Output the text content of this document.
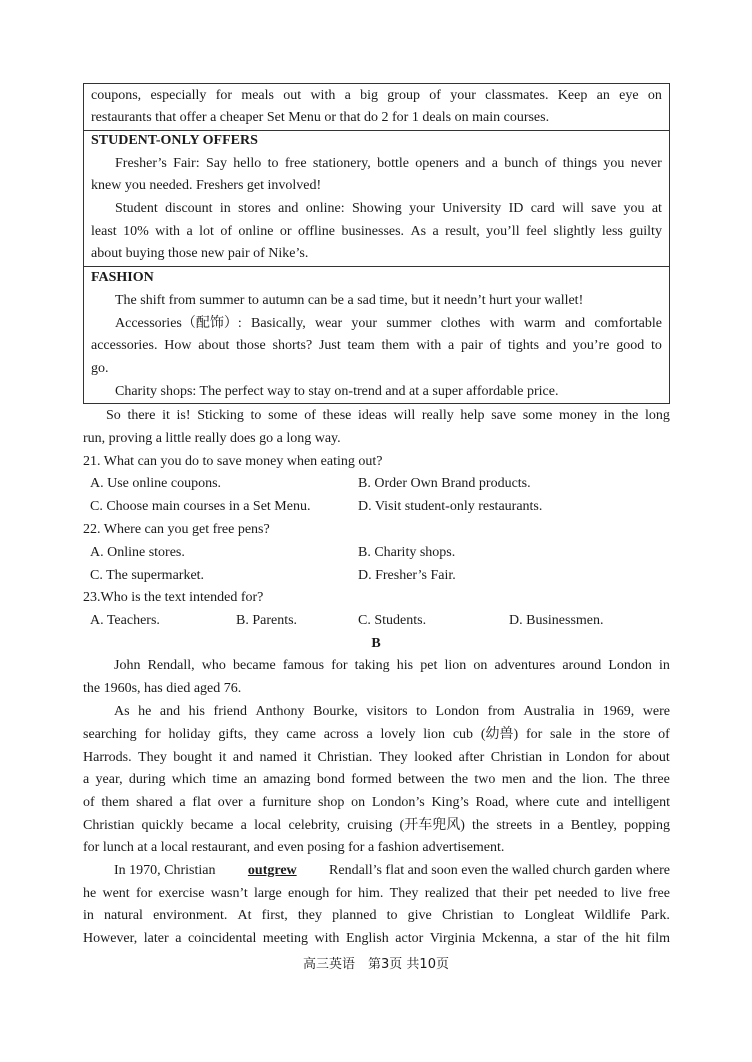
coupons, especially for meals out with a big group of your classmates. Keep an eye on
restaurants that offer a cheaper Set Menu or that do 2 for 1 deals on main courses.
STUDENT-ONLY OFFERS
Fresher’s Fair: Say hello to free stationery, bottle openers and a bunch of things you never
knew you needed. Freshers get involved!
Student discount in stores and online: Showing your University ID card will save you at
least 10% with a lot of online or offline businesses. As a result, you’ll feel slightly less guilty
about buying those new pair of Nike’s.
FASHION
The shift from summer to autumn can be a sad time, but it needn’t hurt your wallet!
Accessories（配饰）: Basically, wear your summer clothes with warm and comfortable
accessories. How about those shorts? Just team them with a pair of tights and you’re good to
go.
Charity shops: The perfect way to stay on-trend and at a super affordable price.
So there it is! Sticking to some of these ideas will really help save some money in the long
run, proving a little really does go a long way.
21. What can you do to save money when eating out?
A. Use online coupons.	B. Order Own Brand products.
C. Choose main courses in a Set Menu.	D. Visit student-only restaurants.
22. Where can you get free pens?
A. Online stores.	B. Charity shops.
C. The supermarket.	D. Fresher’s Fair.
23.Who is the text intended for?
A. Teachers.	B. Parents.	C. Students.	D. Businessmen.
B
John Rendall, who became famous for taking his pet lion on adventures around London in
the 1960s, has died aged 76.
As he and his friend Anthony Bourke, visitors to London from Australia in 1969, were
searching for holiday gifts, they came across a lovely lion cub (幼兽) for sale in the store of
Harrods. They bought it and named it Christian. They looked after Christian in London for about
a year, during which time an amazing bond formed between the two men and the lion. The three
of them shared a flat over a furniture shop on London’s King’s Road, where cute and intelligent
Christian quickly became a local celebrity, cruising (开车兜风) the streets in a Bentley, popping
for lunch at a local restaurant, and even posing for a fashion advertisement.
In 1970, Christian outgrew Rendall’s flat and soon even the walled church garden where
he went for exercise wasn’t large enough for him. They realized that their pet needed to live free
in natural environment. At first, they planned to give Christian to Longleat Wildlife Park.
However, later a coincidental meeting with English actor Virginia Mckenna, a star of the hit film
高三英语　第3页 共10页
